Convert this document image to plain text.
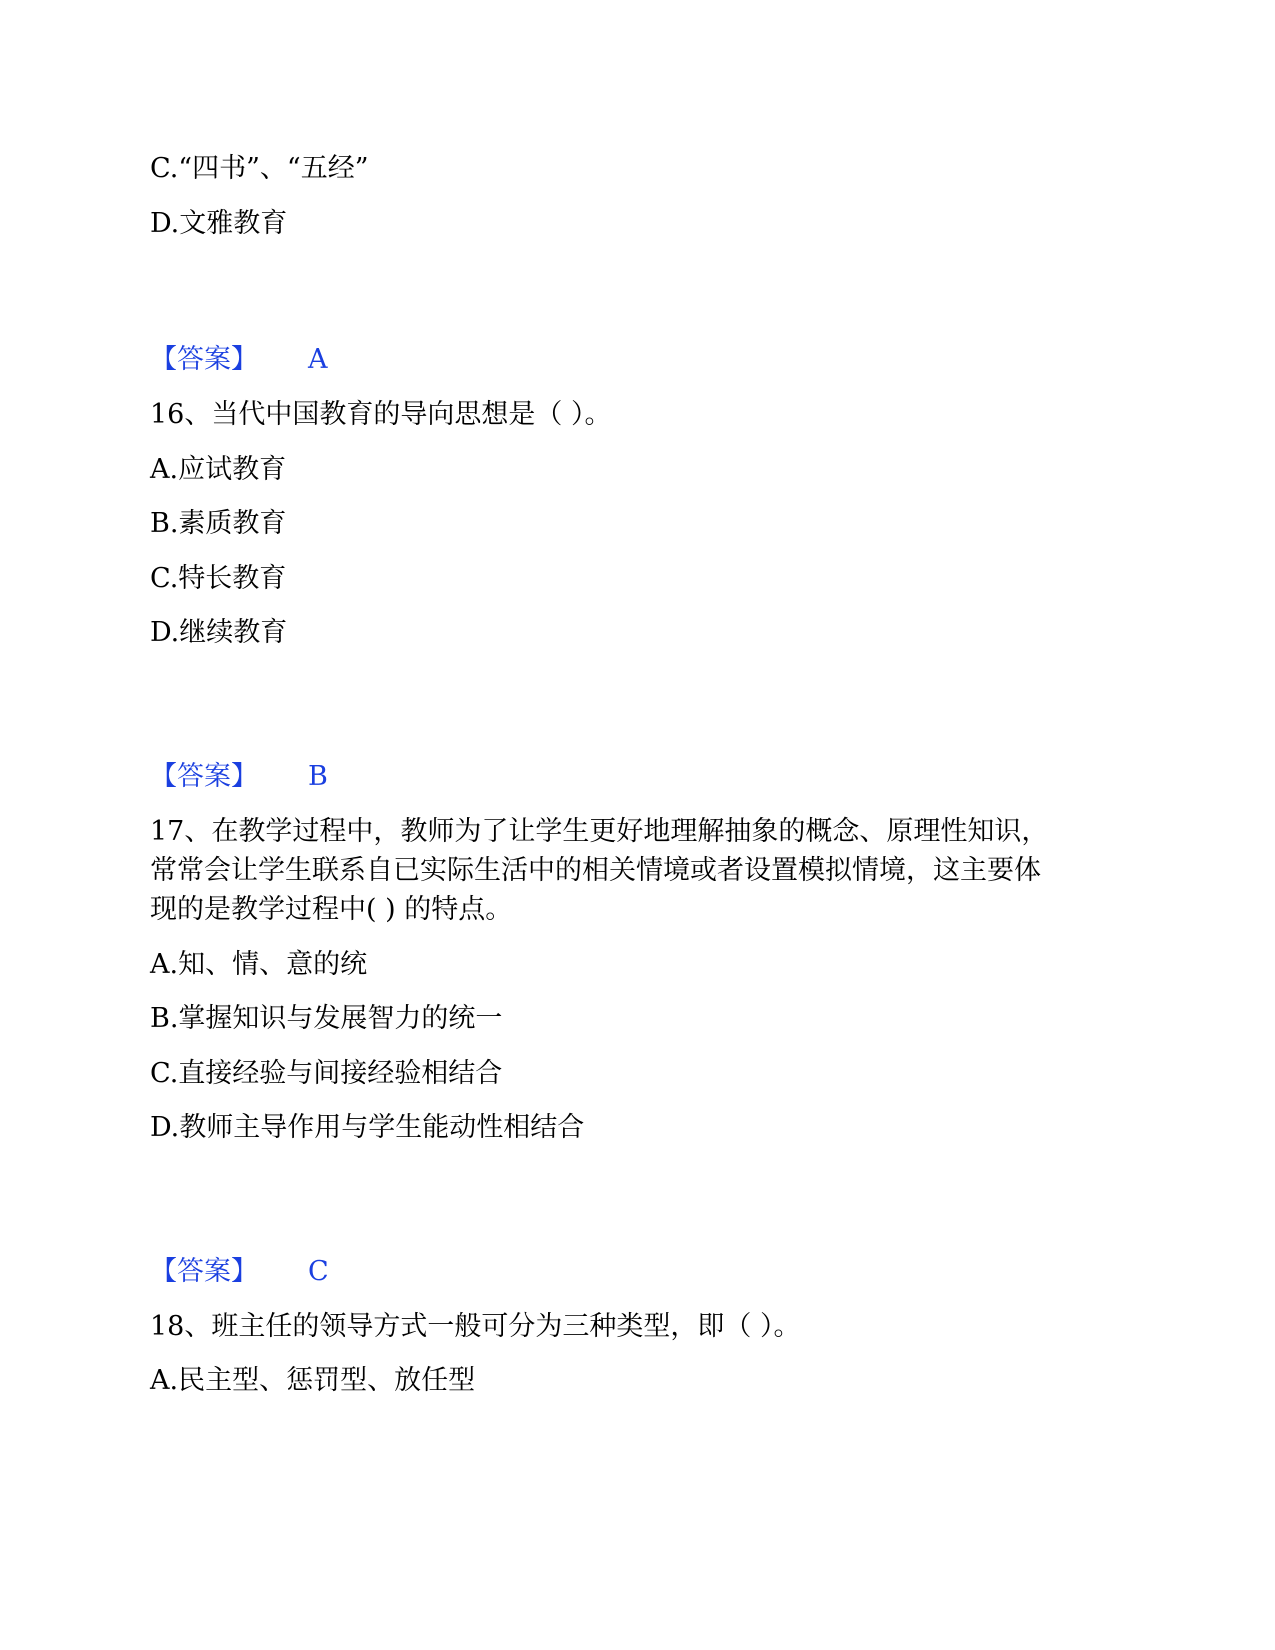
C.“四书”、“五经”
D.文雅教育
【答案】 A
16、当代中国教育的导向思想是（ ）。
A.应试教育
B.素质教育
C.特长教育
D.继续教育
【答案】 B
17、在教学过程中，教师为了让学生更好地理解抽象的概念、原理性知识，
常常会让学生联系自已实际生活中的相关情境或者设置模拟情境，这主要体
现的是教学过程中( ) 的特点。
A.知、情、意的统
B.掌握知识与发展智力的统一
C.直接经验与间接经验相结合
D.教师主导作用与学生能动性相结合
【答案】 C
18、班主任的领导方式一般可分为三种类型，即（ ）。
A.民主型、惩罚型、放任型
